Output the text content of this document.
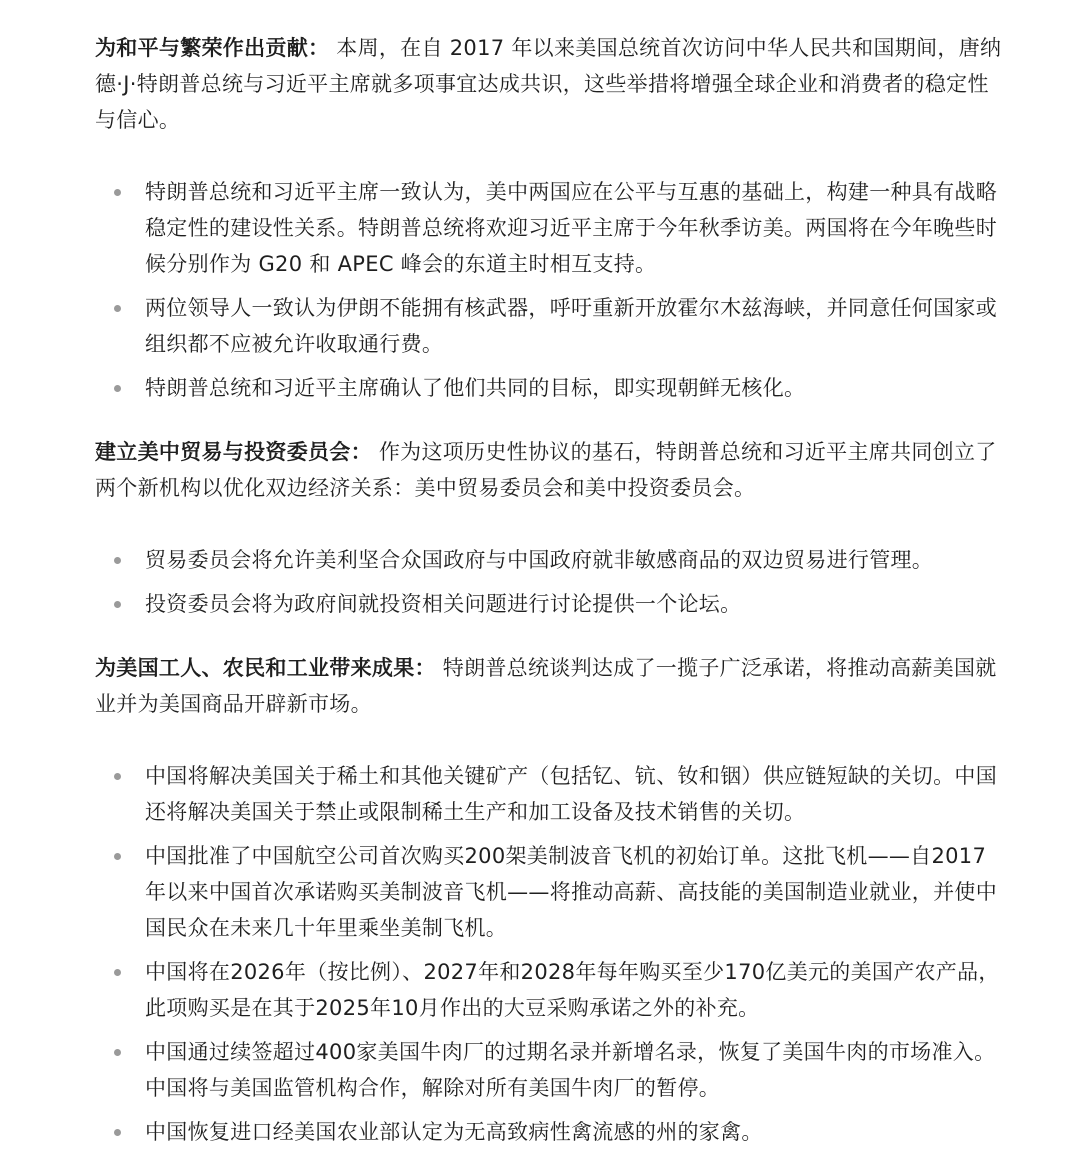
为和平与繁荣作出贡献： 本周，在自 2017 年以来美国总统首次访问中华人民共和国期间，唐纳德·J·特朗普总统与习近平主席就多项事宜达成共识，这些举措将增强全球企业和消费者的稳定性与信心。

特朗普总统和习近平主席一致认为，美中两国应在公平与互惠的基础上，构建一种具有战略稳定性的建设性关系。特朗普总统将欢迎习近平主席于今年秋季访美。两国将在今年晚些时候分别作为 G20 和 APEC 峰会的东道主时相互支持。
两位领导人一致认为伊朗不能拥有核武器，呼吁重新开放霍尔木兹海峡，并同意任何国家或组织都不应被允许收取通行费。
特朗普总统和习近平主席确认了他们共同的目标，即实现朝鲜无核化。

建立美中贸易与投资委员会： 作为这项历史性协议的基石，特朗普总统和习近平主席共同创立了两个新机构以优化双边经济关系：美中贸易委员会和美中投资委员会。

贸易委员会将允许美利坚合众国政府与中国政府就非敏感商品的双边贸易进行管理。
投资委员会将为政府间就投资相关问题进行讨论提供一个论坛。

为美国工人、农民和工业带来成果： 特朗普总统谈判达成了一揽子广泛承诺，将推动高薪美国就业并为美国商品开辟新市场。

中国将解决美国关于稀土和其他关键矿产（包括钇、钪、钕和铟）供应链短缺的关切。中国还将解决美国关于禁止或限制稀土生产和加工设备及技术销售的关切。
中国批准了中国航空公司首次购买200架美制波音飞机的初始订单。这批飞机——自2017年以来中国首次承诺购买美制波音飞机——将推动高薪、高技能的美国制造业就业，并使中国民众在未来几十年里乘坐美制飞机。
中国将在2026年（按比例）、2027年和2028年每年购买至少170亿美元的美国产农产品，此项购买是在其于2025年10月作出的大豆采购承诺之外的补充。
中国通过续签超过400家美国牛肉厂的过期名录并新增名录，恢复了美国牛肉的市场准入。中国将与美国监管机构合作，解除对所有美国牛肉厂的暂停。
中国恢复进口经美国农业部认定为无高致病性禽流感的州的家禽。
